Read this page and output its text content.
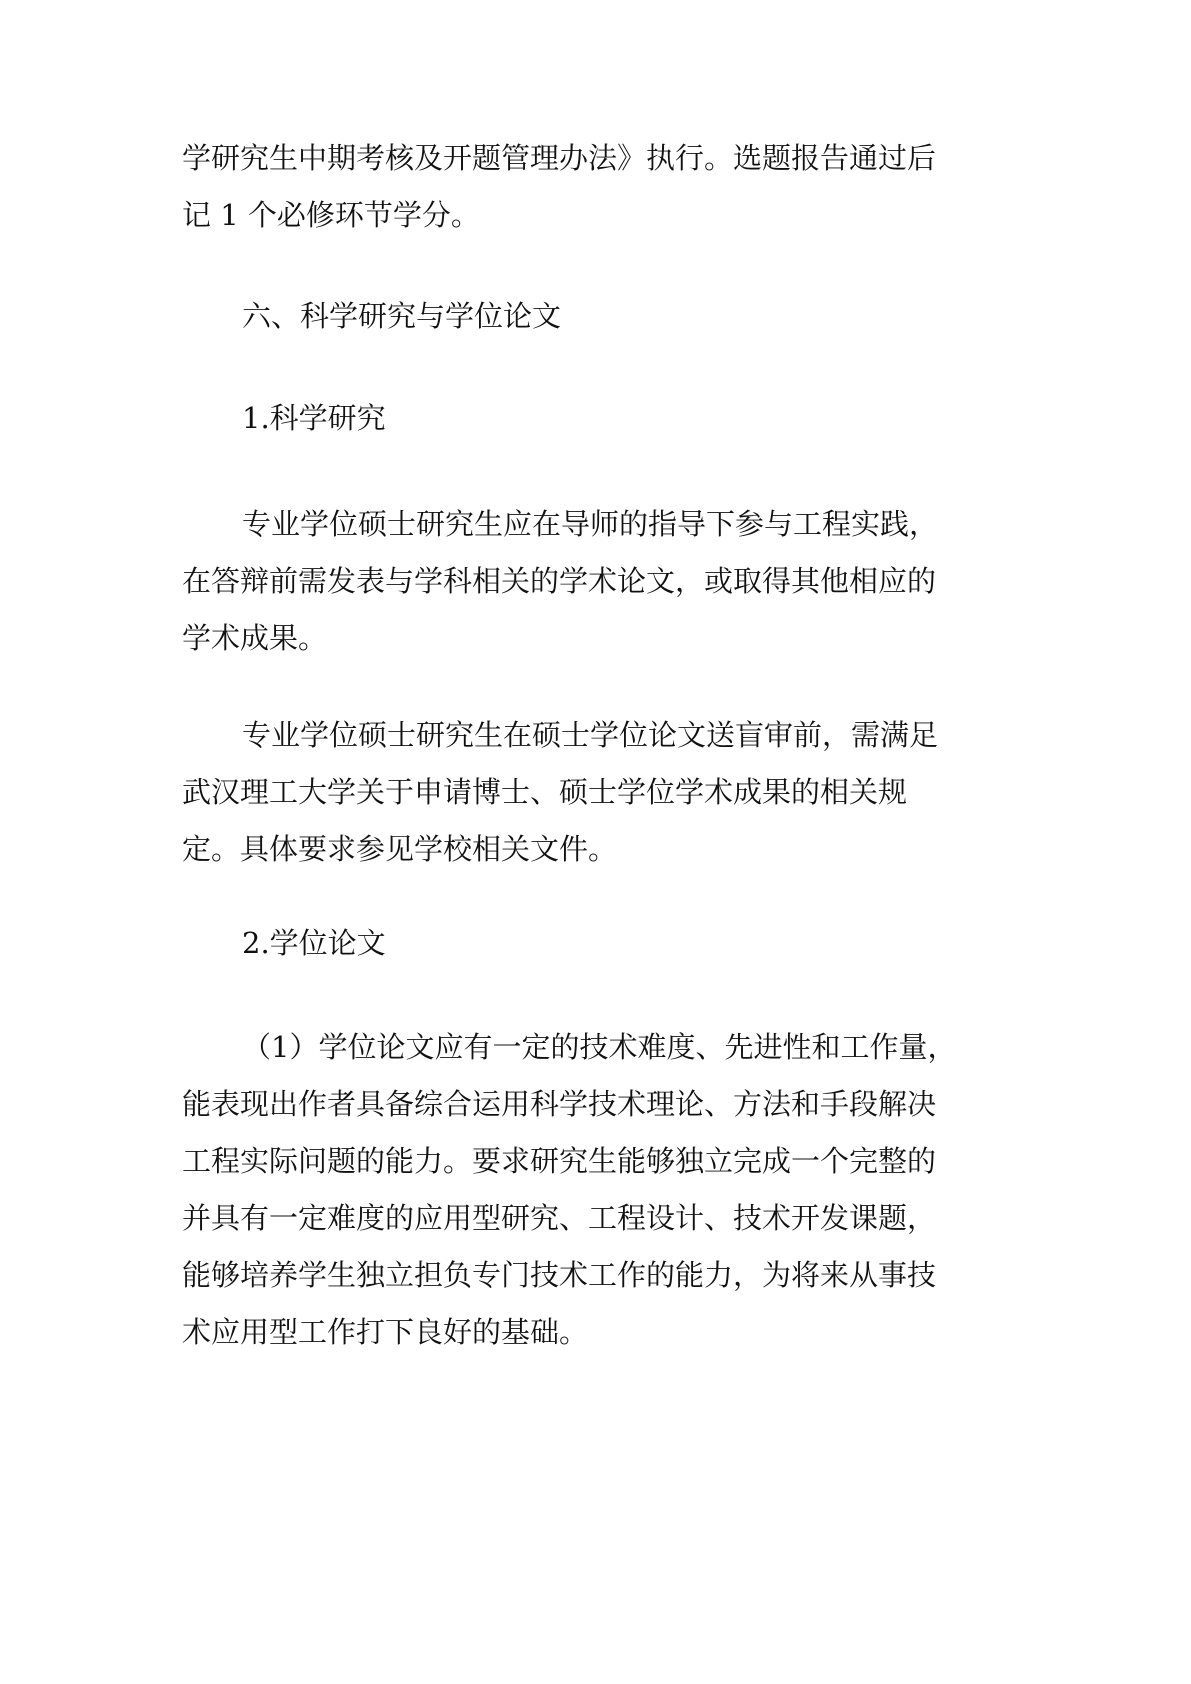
学研究生中期考核及开题管理办法》执行。选题报告通过后
记 1 个必修环节学分。
六、科学研究与学位论文
1.科学研究
专业学位硕士研究生应在导师的指导下参与工程实践，
在答辩前需发表与学科相关的学术论文，或取得其他相应的
学术成果。
专业学位硕士研究生在硕士学位论文送盲审前，需满足
武汉理工大学关于申请博士、硕士学位学术成果的相关规
定。具体要求参见学校相关文件。
2.学位论文
（1）学位论文应有一定的技术难度、先进性和工作量，
能表现出作者具备综合运用科学技术理论、方法和手段解决
工程实际问题的能力。要求研究生能够独立完成一个完整的
并具有一定难度的应用型研究、工程设计、技术开发课题，
能够培养学生独立担负专门技术工作的能力，为将来从事技
术应用型工作打下良好的基础。
